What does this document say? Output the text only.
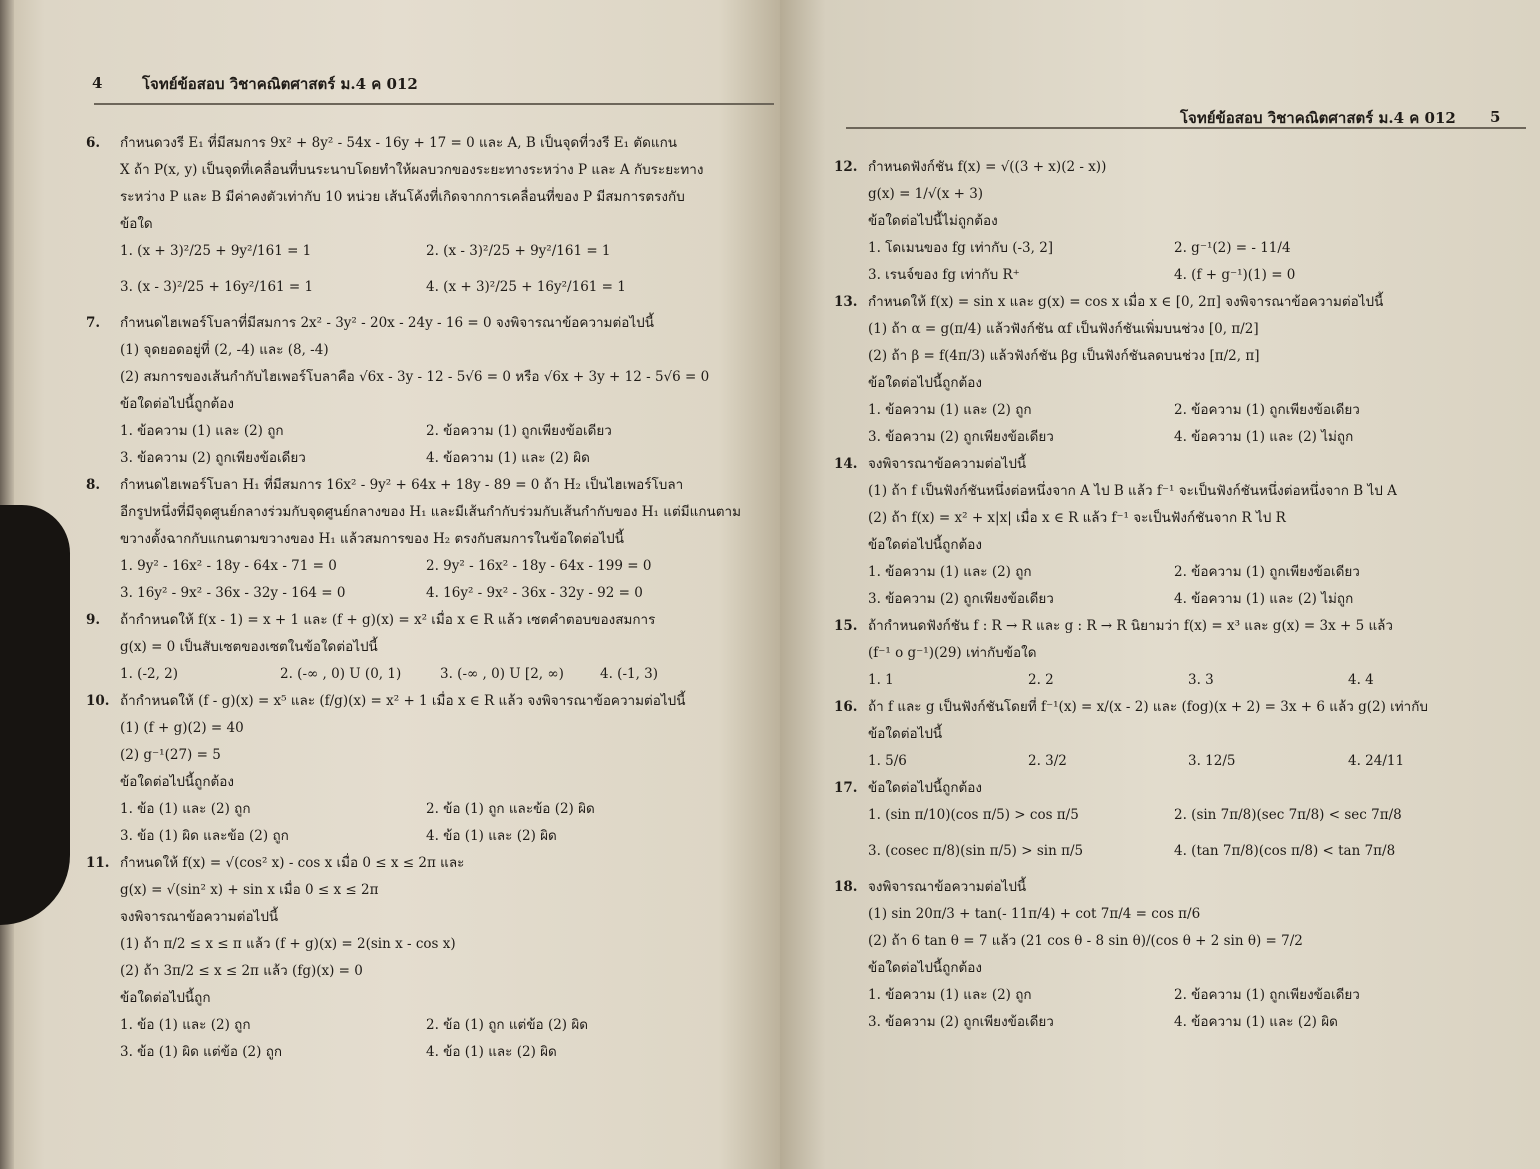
4	โจทย์ข้อสอบ วิชาคณิตศาสตร์ ม.4 ค 012
6. กำหนดวงรี E₁ ที่มีสมการ 9x² + 8y² - 54x - 16y + 17 = 0 และ A, B เป็นจุดที่วงรี E₁ ตัดแกน
X ถ้า P(x, y) เป็นจุดที่เคลื่อนที่บนระนาบโดยทำให้ผลบวกของระยะทางระหว่าง P และ A กับระยะทาง
ระหว่าง P และ B มีค่าคงตัวเท่ากับ 10 หน่วย เส้นโค้งที่เกิดจากการเคลื่อนที่ของ P มีสมการตรงกับ
ข้อใด
1. (x + 3)²/25 + 9y²/161 = 1	2. (x - 3)²/25 + 9y²/161 = 1
3. (x - 3)²/25 + 16y²/161 = 1	4. (x + 3)²/25 + 16y²/161 = 1
7. กำหนดไฮเพอร์โบลาที่มีสมการ 2x² - 3y² - 20x - 24y - 16 = 0 จงพิจารณาข้อความต่อไปนี้
(1) จุดยอดอยู่ที่ (2, -4) และ (8, -4)
(2) สมการของเส้นกำกับไฮเพอร์โบลาคือ √6x - 3y - 12 - 5√6 = 0 หรือ √6x + 3y + 12 - 5√6 = 0
ข้อใดต่อไปนี้ถูกต้อง
1. ข้อความ (1) และ (2) ถูก	2. ข้อความ (1) ถูกเพียงข้อเดียว
3. ข้อความ (2) ถูกเพียงข้อเดียว	4. ข้อความ (1) และ (2) ผิด
8. กำหนดไฮเพอร์โบลา H₁ ที่มีสมการ 16x² - 9y² + 64x + 18y - 89 = 0 ถ้า H₂ เป็นไฮเพอร์โบลา
อีกรูปหนึ่งที่มีจุดศูนย์กลางร่วมกับจุดศูนย์กลางของ H₁ และมีเส้นกำกับร่วมกับเส้นกำกับของ H₁ แต่มีแกนตาม
ขวางตั้งฉากกับแกนตามขวางของ H₁ แล้วสมการของ H₂ ตรงกับสมการในข้อใดต่อไปนี้
1. 9y² - 16x² - 18y - 64x - 71 = 0	2. 9y² - 16x² - 18y - 64x - 199 = 0
3. 16y² - 9x² - 36x - 32y - 164 = 0	4. 16y² - 9x² - 36x - 32y - 92 = 0
9. ถ้ากำหนดให้ f(x - 1) = x + 1 และ (f + g)(x) = x² เมื่อ x ∈ R แล้ว เซตคำตอบของสมการ
g(x) = 0 เป็นสับเซตของเซตในข้อใดต่อไปนี้
1. (-2, 2)	2. (-∞ , 0) U (0, 1)	3. (-∞ , 0) U [2, ∞)	4. (-1, 3)
10. ถ้ากำหนดให้ (f - g)(x) = x⁵ และ (f/g)(x) = x² + 1 เมื่อ x ∈ R แล้ว จงพิจารณาข้อความต่อไปนี้
(1) (f + g)(2) = 40
(2) g⁻¹(27) = 5
ข้อใดต่อไปนี้ถูกต้อง
1. ข้อ (1) และ (2) ถูก	2. ข้อ (1) ถูก และข้อ (2) ผิด
3. ข้อ (1) ผิด และข้อ (2) ถูก	4. ข้อ (1) และ (2) ผิด
11. กำหนดให้ f(x) = √(cos² x) - cos x เมื่อ 0 ≤ x ≤ 2π และ
g(x) = √(sin² x) + sin x เมื่อ 0 ≤ x ≤ 2π
จงพิจารณาข้อความต่อไปนี้
(1) ถ้า π/2 ≤ x ≤ π แล้ว (f + g)(x) = 2(sin x - cos x)
(2) ถ้า 3π/2 ≤ x ≤ 2π แล้ว (fg)(x) = 0
ข้อใดต่อไปนี้ถูก
1. ข้อ (1) และ (2) ถูก	2. ข้อ (1) ถูก แต่ข้อ (2) ผิด
3. ข้อ (1) ผิด แต่ข้อ (2) ถูก	4. ข้อ (1) และ (2) ผิด
โจทย์ข้อสอบ วิชาคณิตศาสตร์ ม.4 ค 012 5
12. กำหนดฟังก์ชัน f(x) = √((3 + x)(2 - x))
g(x) = 1/√(x + 3)
ข้อใดต่อไปนี้ไม่ถูกต้อง
1. โดเมนของ fg เท่ากับ (-3, 2]	2. g⁻¹(2) = - 11/4
3. เรนจ์ของ fg เท่ากับ R⁺	4. (f + g⁻¹)(1) = 0
13. กำหนดให้ f(x) = sin x และ g(x) = cos x เมื่อ x ∈ [0, 2π] จงพิจารณาข้อความต่อไปนี้
(1) ถ้า α = g(π/4) แล้วฟังก์ชัน αf เป็นฟังก์ชันเพิ่มบนช่วง [0, π/2]
(2) ถ้า β = f(4π/3) แล้วฟังก์ชัน βg เป็นฟังก์ชันลดบนช่วง [π/2, π]
ข้อใดต่อไปนี้ถูกต้อง
1. ข้อความ (1) และ (2) ถูก	2. ข้อความ (1) ถูกเพียงข้อเดียว
3. ข้อความ (2) ถูกเพียงข้อเดียว	4. ข้อความ (1) และ (2) ไม่ถูก
14. จงพิจารณาข้อความต่อไปนี้
(1) ถ้า f เป็นฟังก์ชันหนึ่งต่อหนึ่งจาก A ไป B แล้ว f⁻¹ จะเป็นฟังก์ชันหนึ่งต่อหนึ่งจาก B ไป A
(2) ถ้า f(x) = x² + x|x| เมื่อ x ∈ R แล้ว f⁻¹ จะเป็นฟังก์ชันจาก R ไป R
ข้อใดต่อไปนี้ถูกต้อง
1. ข้อความ (1) และ (2) ถูก	2. ข้อความ (1) ถูกเพียงข้อเดียว
3. ข้อความ (2) ถูกเพียงข้อเดียว	4. ข้อความ (1) และ (2) ไม่ถูก
15. ถ้ากำหนดฟังก์ชัน f : R → R และ g : R → R นิยามว่า f(x) = x³ และ g(x) = 3x + 5 แล้ว
(f⁻¹ o g⁻¹)(29) เท่ากับข้อใด
1. 1	2. 2	3. 3	4. 4
16. ถ้า f และ g เป็นฟังก์ชันโดยที่ f⁻¹(x) = x/(x - 2) และ (fog)(x + 2) = 3x + 6 แล้ว g(2) เท่ากับ
ข้อใดต่อไปนี้
1. 5/6	2. 3/2	3. 12/5	4. 24/11
17. ข้อใดต่อไปนี้ถูกต้อง
1. (sin π/10)(cos π/5) > cos π/5	2. (sin 7π/8)(sec 7π/8) < sec 7π/8
3. (cosec π/8)(sin π/5) > sin π/5	4. (tan 7π/8)(cos π/8) < tan 7π/8
18. จงพิจารณาข้อความต่อไปนี้
(1) sin 20π/3 + tan(- 11π/4) + cot 7π/4 = cos π/6
(2) ถ้า 6 tan θ = 7 แล้ว (21 cos θ - 8 sin θ)/(cos θ + 2 sin θ) = 7/2
ข้อใดต่อไปนี้ถูกต้อง
1. ข้อความ (1) และ (2) ถูก	2. ข้อความ (1) ถูกเพียงข้อเดียว
3. ข้อความ (2) ถูกเพียงข้อเดียว	4. ข้อความ (1) และ (2) ผิด
